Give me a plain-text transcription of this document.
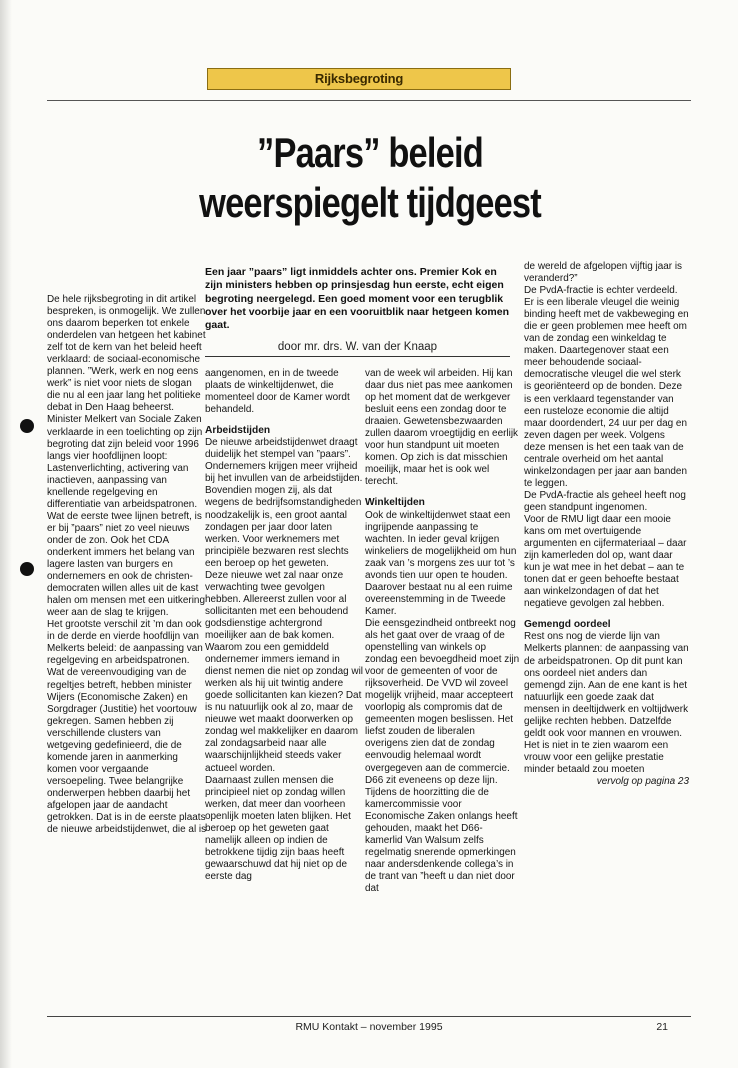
Rijksbegroting
”Paars” beleid
weerspiegelt tijdgeest
Een jaar ”paars” ligt inmiddels achter ons. Premier Kok en zijn ministers hebben op prinsjesdag hun eerste, echt eigen begroting neergelegd. Een goed moment voor een terugblik over het voorbije jaar en een vooruitblik naar hetgeen komen gaat.
door mr. drs. W. van der Knaap

De hele rijksbegroting in dit artikel bespreken, is onmogelijk. We zullen ons daarom beperken tot enkele onderdelen van hetgeen het kabinet zelf tot de kern van het beleid heeft verklaard: de sociaal-economische plannen. ”Werk, werk en nog eens werk” is niet voor niets de slogan die nu al een jaar lang het politieke debat in Den Haag beheerst.

Minister Melkert van Sociale Zaken verklaarde in een toelichting op zijn begroting dat zijn beleid voor 1996 langs vier hoofdlijnen loopt: Lastenverlichting, activering van inactieven, aanpassing van knellende regelgeving en differentiatie van arbeidspatronen. Wat de eerste twee lijnen betreft, is er bij ”paars” niet zo veel nieuws onder de zon. Ook het CDA onderkent immers het belang van lagere lasten van burgers en ondernemers en ook de christen-democraten willen alles uit de kast halen om mensen met een uitkering weer aan de slag te krijgen.

Het grootste verschil zit ’m dan ook in de derde en vierde hoofdlijn van Melkerts beleid: de aanpassing van regelgeving en arbeidspatronen. Wat de vereenvoudiging van de regeltjes betreft, hebben minister Wijers (Economische Zaken) en Sorgdrager (Justitie) het voortouw gekregen. Samen hebben zij verschillende clusters van wetgeving gedefinieerd, die de komende jaren in aanmerking komen voor vergaande versoepeling. Twee belangrijke onderwerpen hebben daarbij het afgelopen jaar de aandacht getrokken. Dat is in de eerste plaats de nieuwe arbeidstijdenwet, die al is

aangenomen, en in de tweede plaats de winkeltijdenwet, die momenteel door de Kamer wordt behandeld.

Arbeidstijden

De nieuwe arbeidstijdenwet draagt duidelijk het stempel van ”paars”. Ondernemers krijgen meer vrijheid bij het invullen van de arbeidstijden. Bovendien mogen zij, als dat wegens de bedrijfsomstandigheden noodzakelijk is, een groot aantal zondagen per jaar door laten werken. Voor werknemers met principiële bezwaren rest slechts een beroep op het geweten.

Deze nieuwe wet zal naar onze verwachting twee gevolgen hebben. Allereerst zullen voor al sollicitanten met een behoudend godsdienstige achtergrond moeilijker aan de bak komen. Waarom zou een gemiddeld ondernemer immers iemand in dienst nemen die niet op zondag wil werken als hij uit twintig andere goede sollicitanten kan kiezen? Dat is nu natuurlijk ook al zo, maar de nieuwe wet maakt doorwerken op zondag wel makkelijker en daarom zal zondagsarbeid naar alle waarschijnlijkheid steeds vaker actueel worden.

Daarnaast zullen mensen die principieel niet op zondag willen werken, dat meer dan voorheen openlijk moeten laten blijken. Het beroep op het geweten gaat namelijk alleen op indien de betrokkene tijdig zijn baas heeft gewaarschuwd dat hij niet op de eerste dag

van de week wil arbeiden. Hij kan daar dus niet pas mee aankomen op het moment dat de werkgever besluit eens een zondag door te draaien. Gewetensbezwaarden zullen daarom vroegtijdig en eerlijk voor hun standpunt uit moeten komen. Op zich is dat misschien moeilijk, maar het is ook wel terecht.

Winkeltijden

Ook de winkeltijdenwet staat een ingrijpende aanpassing te wachten. In ieder geval krijgen winkeliers de mogelijkheid om hun zaak van ’s morgens zes uur tot ’s avonds tien uur open te houden. Daarover bestaat nu al een ruime overeenstemming in de Tweede Kamer.

Die eensgezindheid ontbreekt nog als het gaat over de vraag of de openstelling van winkels op zondag een bevoegdheid moet zijn voor de gemeenten of voor de rijksoverheid. De VVD wil zoveel mogelijk vrijheid, maar accepteert voorlopig als compromis dat de gemeenten mogen beslissen. Het liefst zouden de liberalen overigens zien dat de zondag eenvoudig helemaal wordt overgegeven aan de commercie. D66 zit eveneens op deze lijn. Tijdens de hoorzitting die de kamercommissie voor Economische Zaken onlangs heeft gehouden, maakt het D66-kamerlid Van Walsum zelfs regelmatig snerende opmerkingen naar andersdenkende collega’s in de trant van ”heeft u dan niet door dat

de wereld de afgelopen vijftig jaar is veranderd?”

De PvdA-fractie is echter verdeeld. Er is een liberale vleugel die weinig binding heeft met de vakbeweging en die er geen problemen mee heeft om van de zondag een winkeldag te maken. Daartegenover staat een meer behoudende sociaal-democratische vleugel die wel sterk is georiënteerd op de bonden. Deze is een verklaard tegenstander van een rusteloze economie die altijd maar doordendert, 24 uur per dag en zeven dagen per week. Volgens deze mensen is het een taak van de centrale overheid om het aantal winkelzondagen per jaar aan banden te leggen.

De PvdA-fractie als geheel heeft nog geen standpunt ingenomen.

Voor de RMU ligt daar een mooie kans om met overtuigende argumenten en cijfermateriaal – daar zijn kamerleden dol op, want daar kun je wat mee in het debat – aan te tonen dat er geen behoefte bestaat aan winkelzondagen of dat het negatieve gevolgen zal hebben.

Gemengd oordeel

Rest ons nog de vierde lijn van Melkerts plannen: de aanpassing van de arbeidspatronen. Op dit punt kan ons oordeel niet anders dan gemengd zijn. Aan de ene kant is het natuurlijk een goede zaak dat mensen in deeltijdwerk en voltijdwerk gelijke rechten hebben. Datzelfde geldt ook voor mannen en vrouwen. Het is niet in te zien waarom een vrouw voor een gelijke prestatie minder betaald zou moeten

vervolg op pagina 23

RMU Kontakt – november 1995	21
